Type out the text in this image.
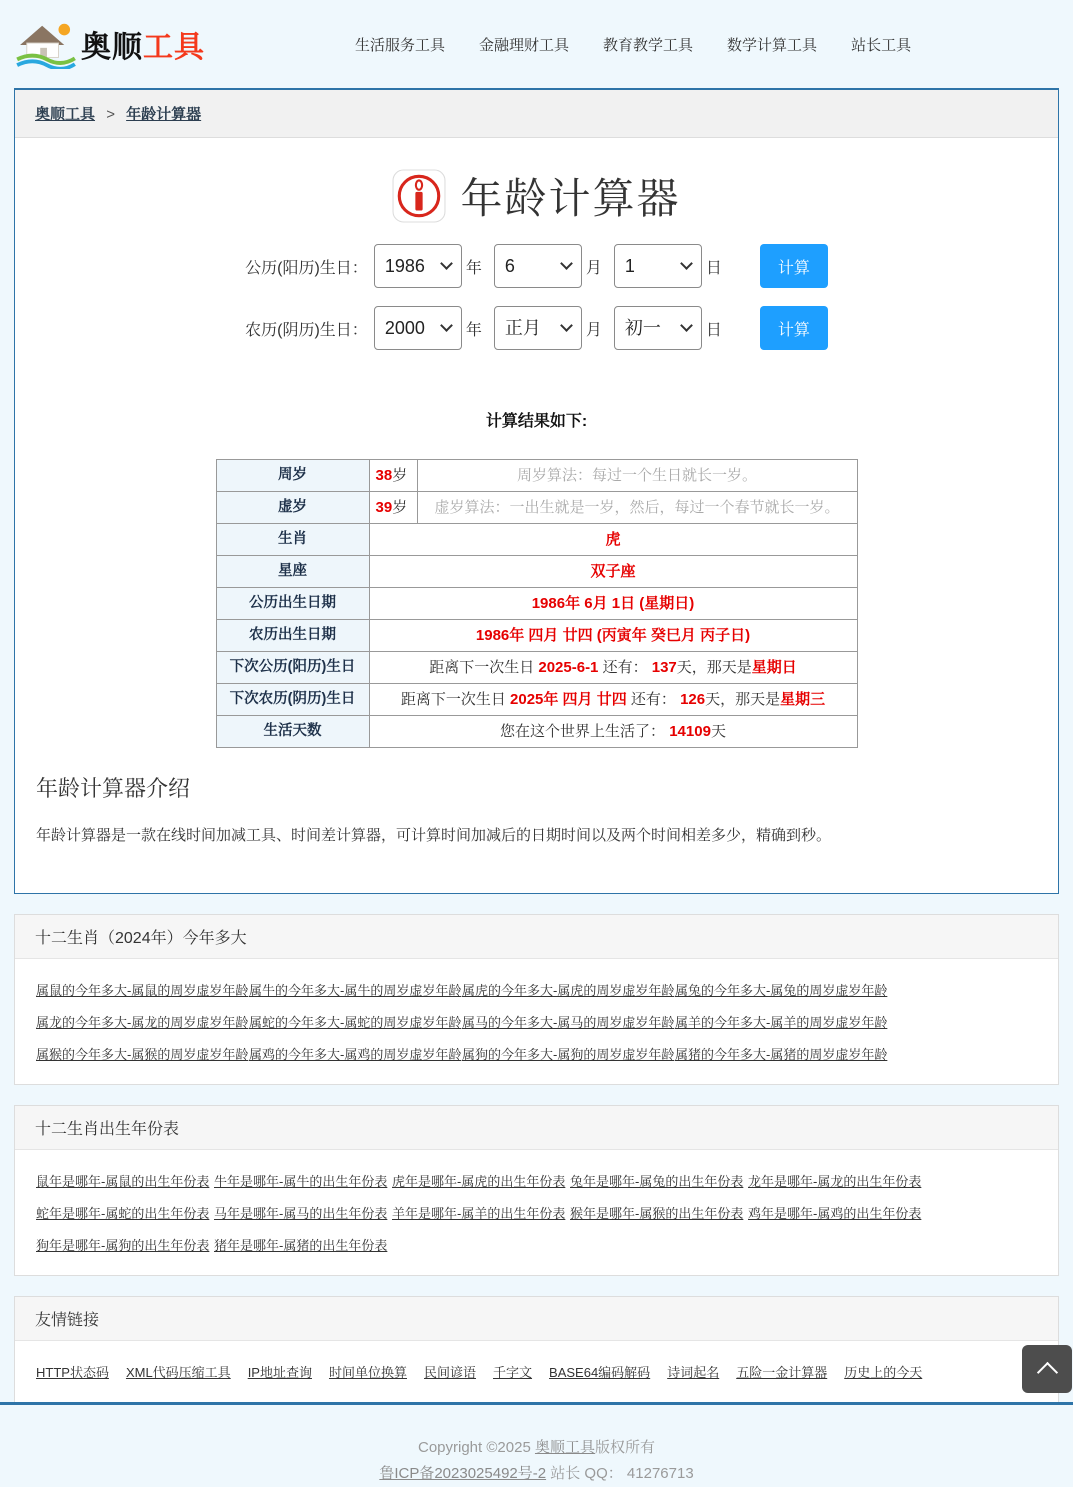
奥顺工具	生活服务工具 金融理财工具 教育教学工具 数学计算工具 站长工具
奥顺工具 > 年龄计算器
年龄计算器
公历(阳历)生日：
1986	年
6	月
1	日	计算
农历(阴历)生日：
2000	年
正月	月
初一	日	计算
计算结果如下:
周岁	38岁	周岁算法：每过一个生日就长一岁。
虚岁	39岁	虚岁算法：一出生就是一岁，然后，每过一个春节就长一岁。
生肖	虎	
星座	双子座	
公历出生日期	1986年 6月 1日 (星期日)	
农历出生日期	1986年 四月 廿四 (丙寅年 癸巳月 丙子日)	
下次公历(阳历)生日	距离下一次生日 2025-6-1 还有： 137天，那天是星期日	
下次农历(阴历)生日	距离下一次生日 2025年 四月 廿四 还有： 126天，那天是星期三	
生活天数	您在这个世界上生活了： 14109天	
年龄计算器介绍

年龄计算器是一款在线时间加减工具、时间差计算器，可计算时间加减后的日期时间以及两个时间相差多少，精确到秒。

十二生肖（2024年）今年多大
属鼠的今年多大-属鼠的周岁虚岁年龄 属牛的今年多大-属牛的周岁虚岁年龄 属虎的今年多大-属虎的周岁虚岁年龄 属兔的今年多大-属兔的周岁虚岁年龄
属龙的今年多大-属龙的周岁虚岁年龄 属蛇的今年多大-属蛇的周岁虚岁年龄 属马的今年多大-属马的周岁虚岁年龄 属羊的今年多大-属羊的周岁虚岁年龄
属猴的今年多大-属猴的周岁虚岁年龄 属鸡的今年多大-属鸡的周岁虚岁年龄 属狗的今年多大-属狗的周岁虚岁年龄 属猪的今年多大-属猪的周岁虚岁年龄
十二生肖出生年份表
鼠年是哪年-属鼠的出生年份表 牛年是哪年-属牛的出生年份表 虎年是哪年-属虎的出生年份表 兔年是哪年-属兔的出生年份表 龙年是哪年-属龙的出生年份表
蛇年是哪年-属蛇的出生年份表 马年是哪年-属马的出生年份表 羊年是哪年-属羊的出生年份表 猴年是哪年-属猴的出生年份表 鸡年是哪年-属鸡的出生年份表
狗年是哪年-属狗的出生年份表 猪年是哪年-属猪的出生年份表
友情链接
HTTP状态码 XML代码压缩工具 IP地址查询 时间单位换算 民间谚语 千字文 BASE64编码解码 诗词起名 五险一金计算器 历史上的今天

Copyright ©2025 奥顺工具版权所有

鲁ICP备2023025492号-2 站长 QQ： 41276713
